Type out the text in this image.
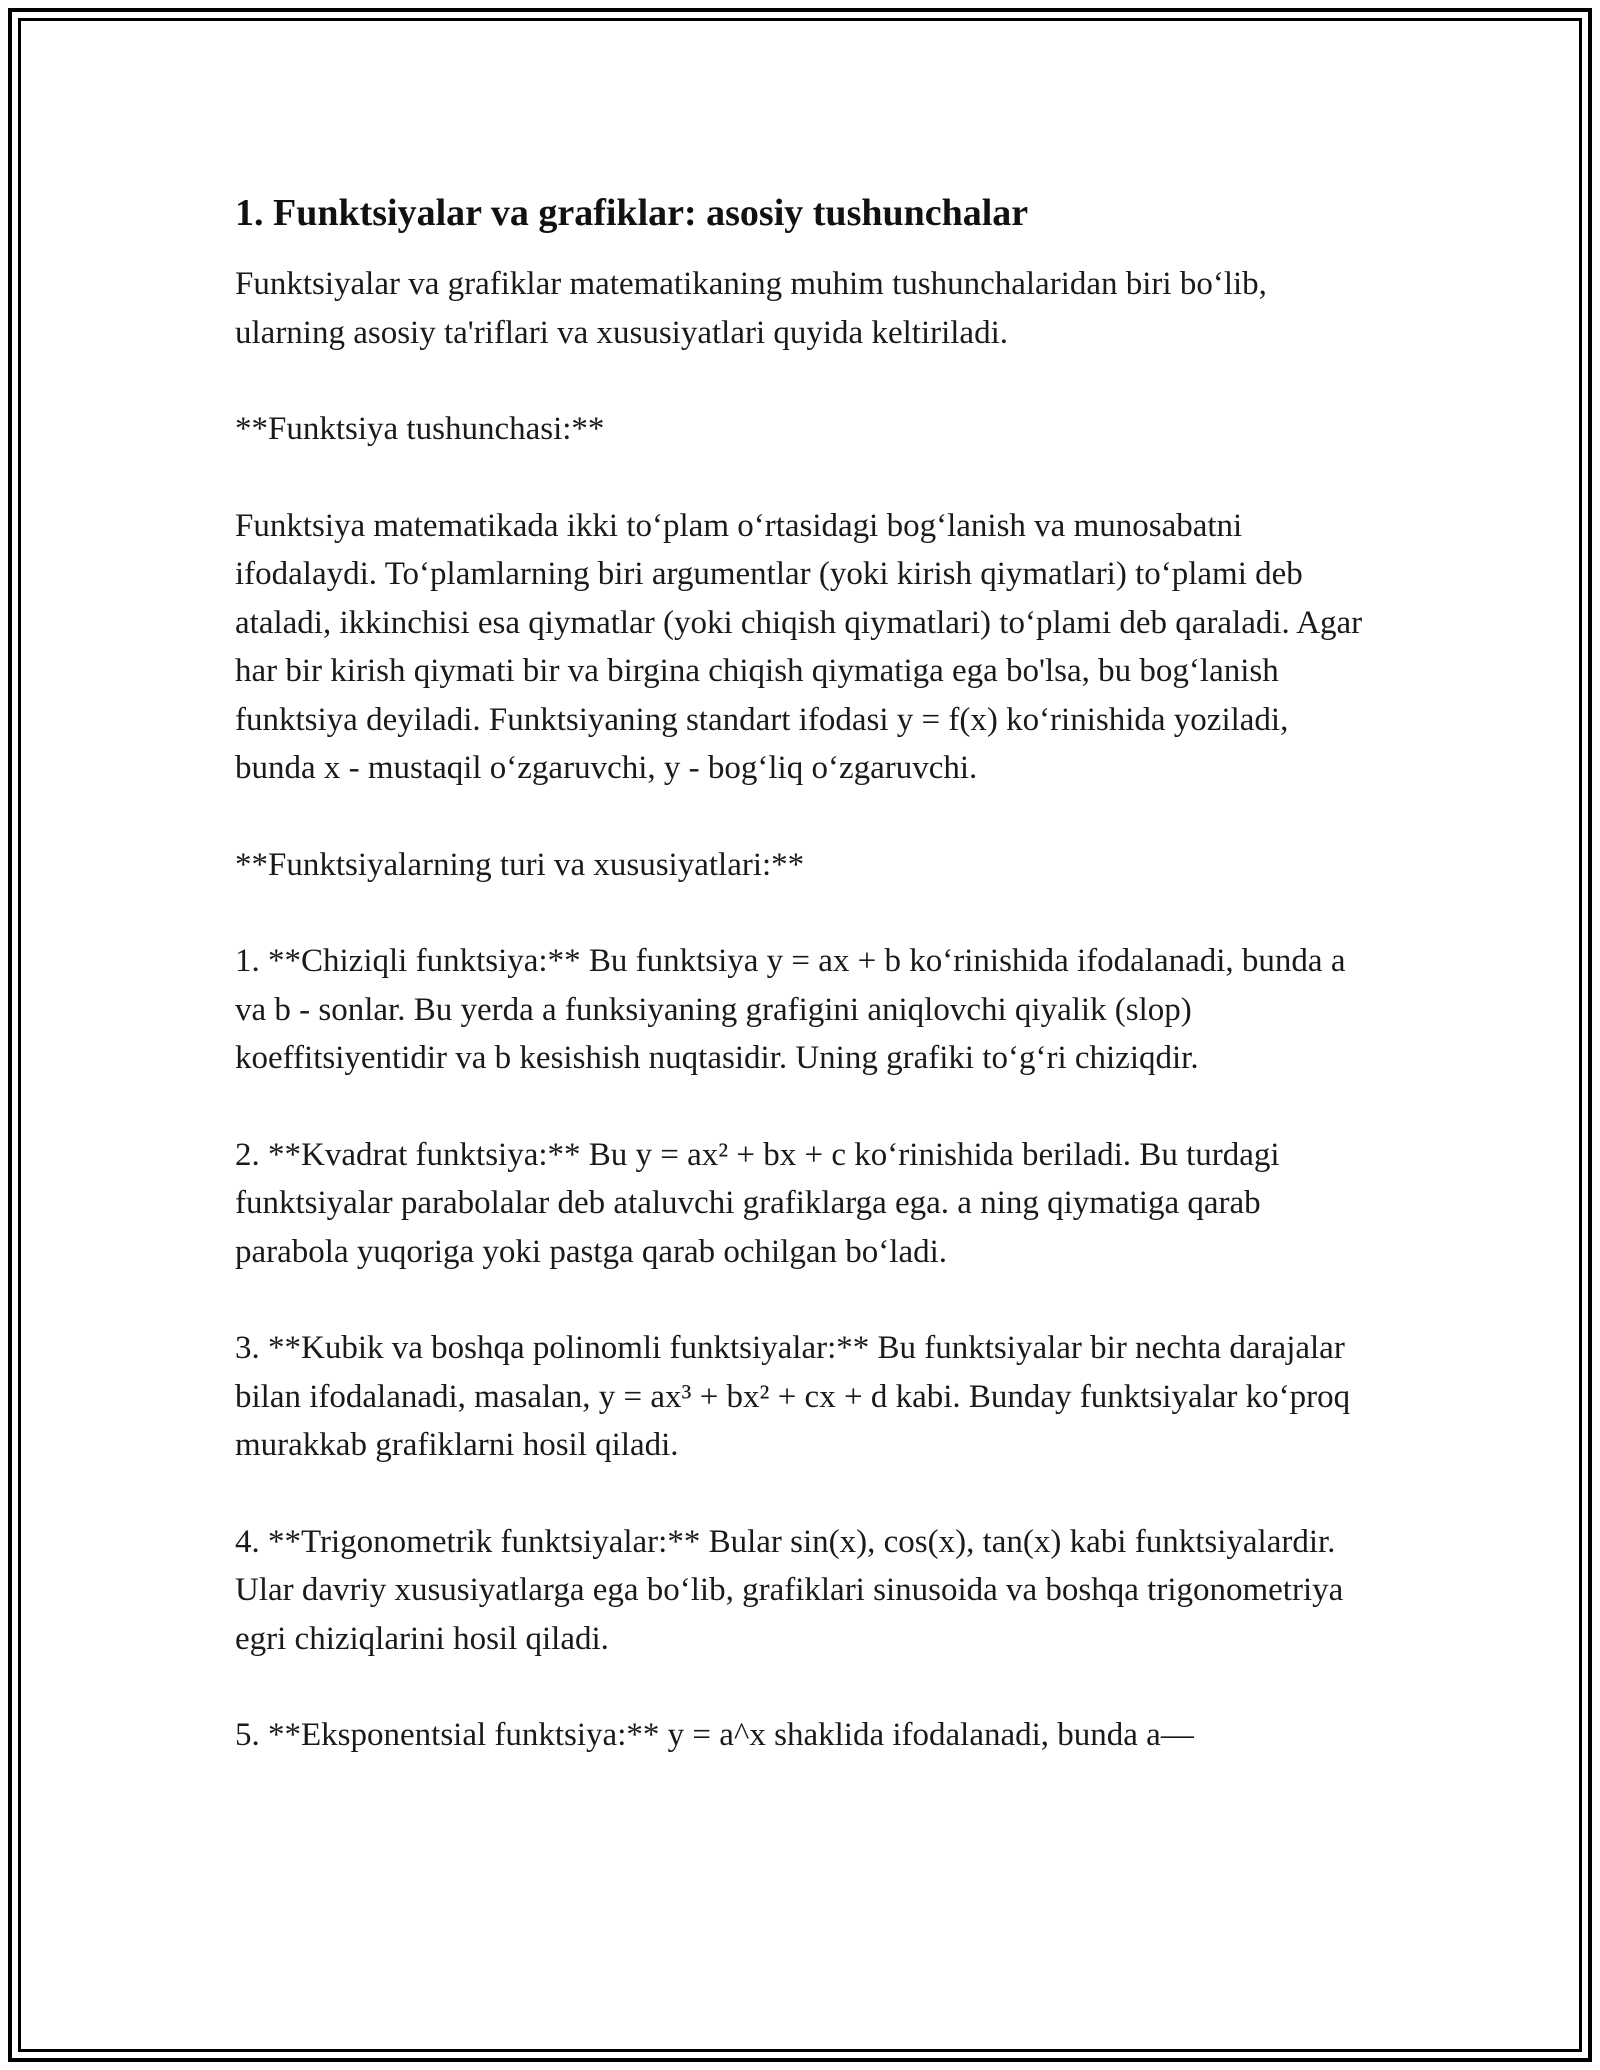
1. Funktsiyalar va grafiklar: asosiy tushunchalar

Funktsiyalar va grafiklar matematikaning muhim tushunchalaridan biri bo‘lib, ularning asosiy ta'riflari va xususiyatlari quyida keltiriladi.

**Funktsiya tushunchasi:**

Funktsiya matematikada ikki to‘plam o‘rtasidagi bog‘lanish va munosabatni ifodalaydi. To‘plamlarning biri argumentlar (yoki kirish qiymatlari) to‘plami deb ataladi, ikkinchisi esa qiymatlar (yoki chiqish qiymatlari) to‘plami deb qaraladi. Agar har bir kirish qiymati bir va birgina chiqish qiymatiga ega bo'lsa, bu bog‘lanish funktsiya deyiladi. Funktsiyaning standart ifodasi y = f(x) ko‘rinishida yoziladi, bunda x - mustaqil o‘zgaruvchi, y - bog‘liq o‘zgaruvchi.

**Funktsiyalarning turi va xususiyatlari:**

1. **Chiziqli funktsiya:** Bu funktsiya y = ax + b ko‘rinishida ifodalanadi, bunda a va b - sonlar. Bu yerda a funksiyaning grafigini aniqlovchi qiyalik (slop) koeffitsiyentidir va b kesishish nuqtasidir. Uning grafiki to‘g‘ri chiziqdir.

2. **Kvadrat funktsiya:** Bu y = ax² + bx + c ko‘rinishida beriladi. Bu turdagi funktsiyalar parabolalar deb ataluvchi grafiklarga ega. a ning qiymatiga qarab parabola yuqoriga yoki pastga qarab ochilgan bo‘ladi.

3. **Kubik va boshqa polinomli funktsiyalar:** Bu funktsiyalar bir nechta darajalar bilan ifodalanadi, masalan, y = ax³ + bx² + cx + d kabi. Bunday funktsiyalar ko‘proq murakkab grafiklarni hosil qiladi.

4. **Trigonometrik funktsiyalar:** Bular sin(x), cos(x), tan(x) kabi funktsiyalardir. Ular davriy xususiyatlarga ega bo‘lib, grafiklari sinusoida va boshqa trigonometriya egri chiziqlarini hosil qiladi.

5. **Eksponentsial funktsiya:** y = a^x shaklida ifodalanadi, bunda a—
